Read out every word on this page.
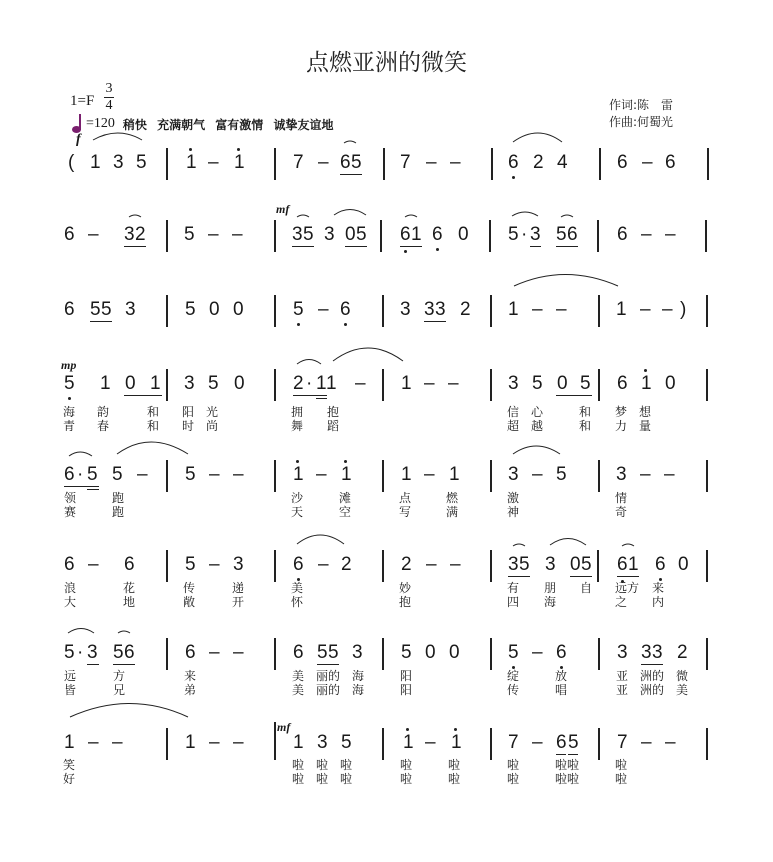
点燃亚洲的微笑
1=F
3
4
=120 稍快 充满朝气 富有激情 诚挚友谊地
作词:陈　雷
作曲:何蜀光
f
( 1 3 5 1 – 1	7 – 6 5 7 – – 6 2 4	6 – 6
6 – 3 2 5 – –
mf
3 5 3 0 5 6 1 6 0 5 · 3 5 6 6 – –
6 5 5 3	5 0 0	5 – 6	3 3 3 2 1 – –	1 – – )
mp
5 1 0 1 3 5 0	2 · 1 1 – 1 – –	3 5 0 5 6 1 0
海 韵	和 阳 光	拥 抱	信 心	和 梦 想
青 春	和 时 尚	舞 蹈	超 越	和 力 量
6 · 5 5 – 5 – –	1 – 1	1 – 1	3 – 5	3 – –
领	跑	沙	滩	点	燃	激	情
赛	跑	天	空	写	满	神	奇
6 – 6	5 – 3	6 – 2	2 – – 3 5 3 0 5 6 1 6 0
浪	花	传	递	美	妙	有 朋 自 远方 来
大	地	敞	开	怀	抱	四 海	之 内
5 · 3 5 6	6 – –	6 5 5 3 5 0 0	5 – 6	3 3 3 2
远	方	来	美 丽的 海	阳	绽	放	亚 洲的 微
皆	兄	弟	美 丽的 海	阳	传	唱	亚 洲的 美
1 – –	1 – –
mf
1 3 5	1 – 1 7 – 6 5 7 – –
笑	啦 啦 啦	啦	啦	啦	啦啦	啦
好	啦 啦 啦	啦	啦	啦	啦啦	啦
